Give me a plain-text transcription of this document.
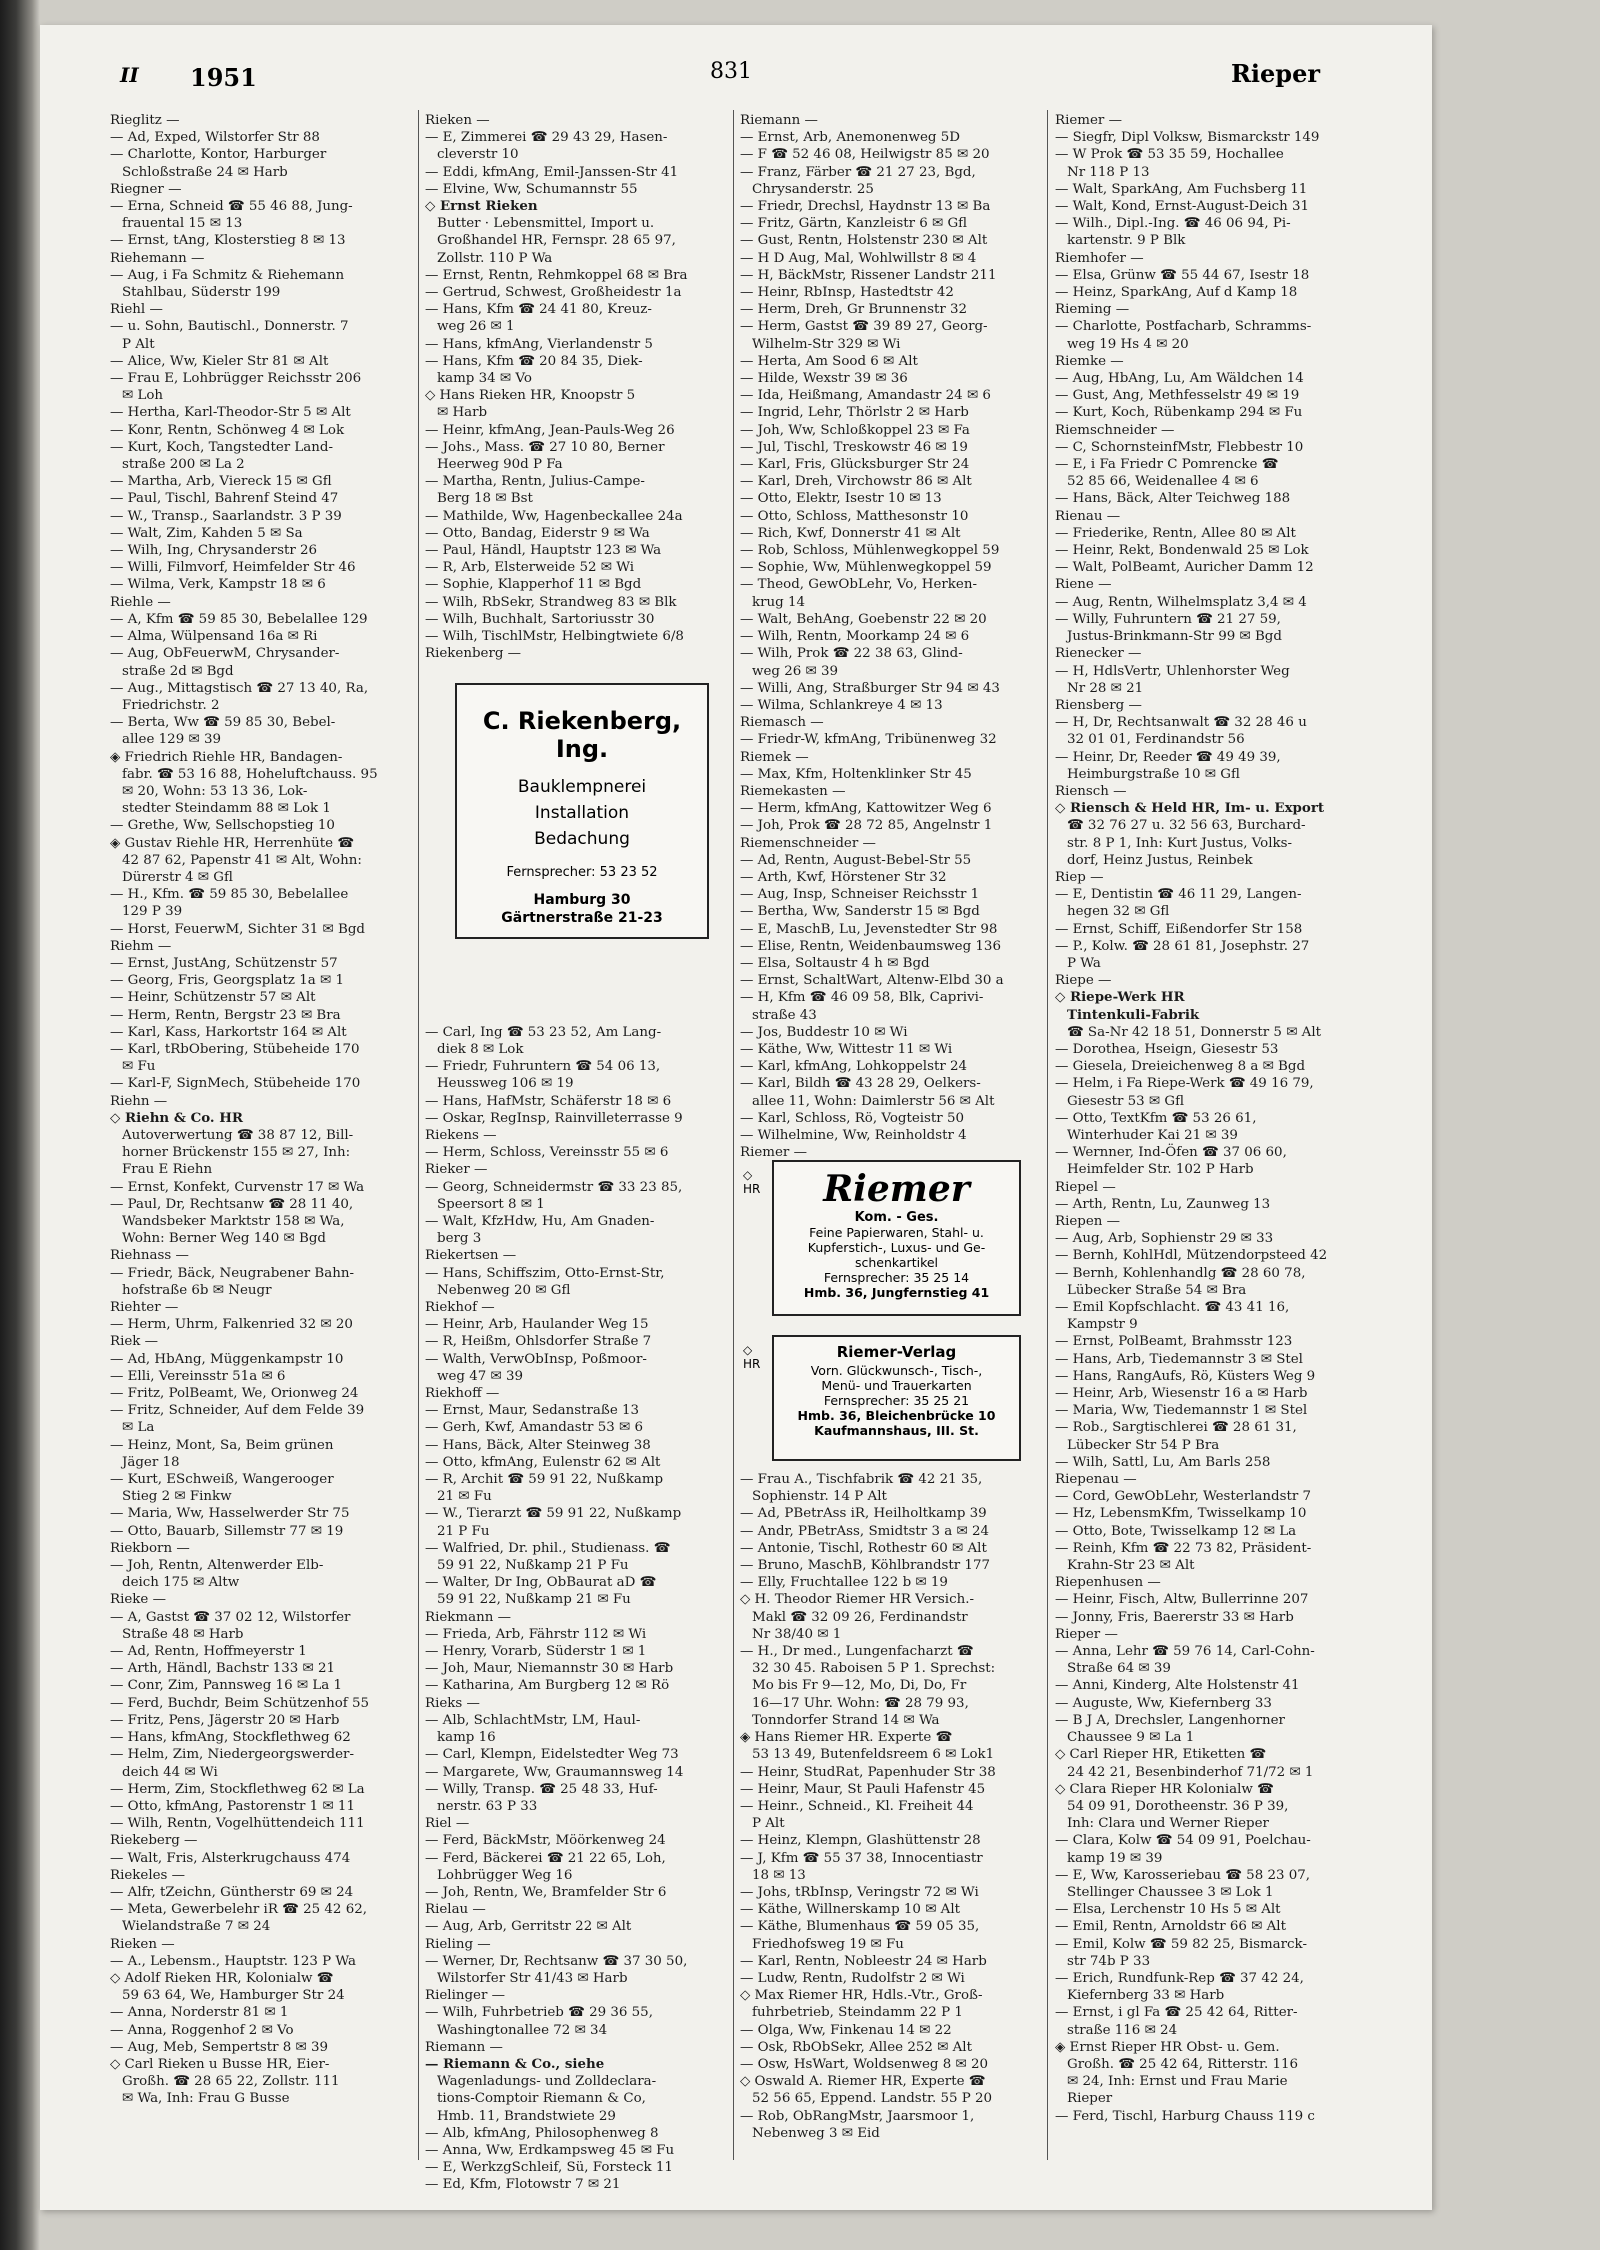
II 1951	831	Rieper
Rieglitz —
— Ad, Exped, Wilstorfer Str 88
— Charlotte, Kontor, Harburger
Schloßstraße 24 ✉ Harb
Riegner —
— Erna, Schneid ☎ 55 46 88, Jung-
frauental 15 ✉ 13
— Ernst, tAng, Klosterstieg 8 ✉ 13
Riehemann —
— Aug, i Fa Schmitz & Riehemann
Stahlbau, Süderstr 199
Riehl —
— u. Sohn, Bautischl., Donnerstr. 7
P Alt
— Alice, Ww, Kieler Str 81 ✉ Alt
— Frau E, Lohbrügger Reichsstr 206
✉ Loh
— Hertha, Karl-Theodor-Str 5 ✉ Alt
— Konr, Rentn, Schönweg 4 ✉ Lok
— Kurt, Koch, Tangstedter Land-
straße 200 ✉ La 2
— Martha, Arb, Viereck 15 ✉ Gfl
— Paul, Tischl, Bahrenf Steind 47
— W., Transp., Saarlandstr. 3 P 39
— Walt, Zim, Kahden 5 ✉ Sa
— Wilh, Ing, Chrysanderstr 26
— Willi, Filmvorf, Heimfelder Str 46
— Wilma, Verk, Kampstr 18 ✉ 6
Riehle —
— A, Kfm ☎ 59 85 30, Bebelallee 129
— Alma, Wülpensand 16a ✉ Ri
— Aug, ObFeuerwM, Chrysander-
straße 2d ✉ Bgd
— Aug., Mittagstisch ☎ 27 13 40, Ra,
Friedrichstr. 2
— Berta, Ww ☎ 59 85 30, Bebel-
allee 129 ✉ 39
◈ Friedrich Riehle HR, Bandagen-
fabr. ☎ 53 16 88, Hoheluftchauss. 95
✉ 20, Wohn: 53 13 36, Lok-
stedter Steindamm 88 ✉ Lok 1
— Grethe, Ww, Sellschopstieg 10
◈ Gustav Riehle HR, Herrenhüte ☎
42 87 62, Papenstr 41 ✉ Alt, Wohn:
Dürerstr 4 ✉ Gfl
— H., Kfm. ☎ 59 85 30, Bebelallee
129 P 39
— Horst, FeuerwM, Sichter 31 ✉ Bgd
Riehm —
— Ernst, JustAng, Schützenstr 57
— Georg, Fris, Georgsplatz 1a ✉ 1
— Heinr, Schützenstr 57 ✉ Alt
— Herm, Rentn, Bergstr 23 ✉ Bra
— Karl, Kass, Harkortstr 164 ✉ Alt
— Karl, tRbObering, Stübeheide 170
✉ Fu
— Karl-F, SignMech, Stübeheide 170
Riehn —
◇ Riehn & Co. HR
Autoverwertung ☎ 38 87 12, Bill-
horner Brückenstr 155 ✉ 27, Inh:
Frau E Riehn
— Ernst, Konfekt, Curvenstr 17 ✉ Wa
— Paul, Dr, Rechtsanw ☎ 28 11 40,
Wandsbeker Marktstr 158 ✉ Wa,
Wohn: Berner Weg 140 ✉ Bgd
Riehnass —
— Friedr, Bäck, Neugrabener Bahn-
hofstraße 6b ✉ Neugr
Riehter —
— Herm, Uhrm, Falkenried 32 ✉ 20
Riek —
— Ad, HbAng, Müggenkampstr 10
— Elli, Vereinsstr 51a ✉ 6
— Fritz, PolBeamt, We, Orionweg 24
— Fritz, Schneider, Auf dem Felde 39
✉ La
— Heinz, Mont, Sa, Beim grünen
Jäger 18
— Kurt, ESchweiß, Wangerooger
Stieg 2 ✉ Finkw
— Maria, Ww, Hasselwerder Str 75
— Otto, Bauarb, Sillemstr 77 ✉ 19
Riekborn —
— Joh, Rentn, Altenwerder Elb-
deich 175 ✉ Altw
Rieke —
— A, Gastst ☎ 37 02 12, Wilstorfer
Straße 48 ✉ Harb
— Ad, Rentn, Hoffmeyerstr 1
— Arth, Händl, Bachstr 133 ✉ 21
— Conr, Zim, Pannsweg 16 ✉ La 1
— Ferd, Buchdr, Beim Schützenhof 55
— Fritz, Pens, Jägerstr 20 ✉ Harb
— Hans, kfmAng, Stockflethweg 62
— Helm, Zim, Niedergeorgswerder-
deich 44 ✉ Wi
— Herm, Zim, Stockflethweg 62 ✉ La
— Otto, kfmAng, Pastorenstr 1 ✉ 11
— Wilh, Rentn, Vogelhüttendeich 111
Riekeberg —
— Walt, Fris, Alsterkrugchauss 474
Riekeles —
— Alfr, tZeichn, Güntherstr 69 ✉ 24
— Meta, Gewerbelehr iR ☎ 25 42 62,
Wielandstraße 7 ✉ 24
Rieken —
— A., Lebensm., Hauptstr. 123 P Wa
◇ Adolf Rieken HR, Kolonialw ☎
59 63 64, We, Hamburger Str 24
— Anna, Norderstr 81 ✉ 1
— Anna, Roggenhof 2 ✉ Vo
— Aug, Meb, Sempertstr 8 ✉ 39
◇ Carl Rieken u Busse HR, Eier-
Großh. ☎ 28 65 22, Zollstr. 111
✉ Wa, Inh: Frau G Busse
Rieken —
— E, Zimmerei ☎ 29 43 29, Hasen-
cleverstr 10
— Eddi, kfmAng, Emil-Janssen-Str 41
— Elvine, Ww, Schumannstr 55
◇ Ernst Rieken
Butter · Lebensmittel, Import u.
Großhandel HR, Fernspr. 28 65 97,
Zollstr. 110 P Wa
— Ernst, Rentn, Rehmkoppel 68 ✉ Bra
— Gertrud, Schwest, Großheidestr 1a
— Hans, Kfm ☎ 24 41 80, Kreuz-
weg 26 ✉ 1
— Hans, kfmAng, Vierlandenstr 5
— Hans, Kfm ☎ 20 84 35, Diek-
kamp 34 ✉ Vo
◇ Hans Rieken HR, Knoopstr 5
✉ Harb
— Heinr, kfmAng, Jean-Pauls-Weg 26
— Johs., Mass. ☎ 27 10 80, Berner
Heerweg 90d P Fa
— Martha, Rentn, Julius-Campe-
Berg 18 ✉ Bst
— Mathilde, Ww, Hagenbeckallee 24a
— Otto, Bandag, Eiderstr 9 ✉ Wa
— Paul, Händl, Hauptstr 123 ✉ Wa
— R, Arb, Elsterweide 52 ✉ Wi
— Sophie, Klapperhof 11 ✉ Bgd
— Wilh, RbSekr, Strandweg 83 ✉ Blk
— Wilh, Buchhalt, Sartoriusstr 30
— Wilh, TischlMstr, Helbingtwiete 6/8
Riekenberg —

— Carl, Ing ☎ 53 23 52, Am Lang-
diek 8 ✉ Lok
— Friedr, Fuhruntern ☎ 54 06 13,
Heussweg 106 ✉ 19
— Hans, HafMstr, Schäferstr 18 ✉ 6
— Oskar, RegInsp, Rainvilleterrasse 9
Riekens —
— Herm, Schloss, Vereinsstr 55 ✉ 6
Rieker —
— Georg, Schneidermstr ☎ 33 23 85,
Speersort 8 ✉ 1
— Walt, KfzHdw, Hu, Am Gnaden-
berg 3
Riekertsen —
— Hans, Schiffszim, Otto-Ernst-Str,
Nebenweg 20 ✉ Gfl
Riekhof —
— Heinr, Arb, Haulander Weg 15
— R, Heißm, Ohlsdorfer Straße 7
— Walth, VerwObInsp, Poßmoor-
weg 47 ✉ 39
Riekhoff —
— Ernst, Maur, Sedanstraße 13
— Gerh, Kwf, Amandastr 53 ✉ 6
— Hans, Bäck, Alter Steinweg 38
— Otto, kfmAng, Eulenstr 62 ✉ Alt
— R, Archit ☎ 59 91 22, Nußkamp
21 ✉ Fu
— W., Tierarzt ☎ 59 91 22, Nußkamp
21 P Fu
— Walfried, Dr. phil., Studienass. ☎
59 91 22, Nußkamp 21 P Fu
— Walter, Dr Ing, ObBaurat aD ☎
59 91 22, Nußkamp 21 ✉ Fu
Riekmann —
— Frieda, Arb, Fährstr 112 ✉ Wi
— Henry, Vorarb, Süderstr 1 ✉ 1
— Joh, Maur, Niemannstr 30 ✉ Harb
— Katharina, Am Burgberg 12 ✉ Rö
Rieks —
— Alb, SchlachtMstr, LM, Haul-
kamp 16
— Carl, Klempn, Eidelstedter Weg 73
— Margarete, Ww, Graumannsweg 14
— Willy, Transp. ☎ 25 48 33, Huf-
nerstr. 63 P 33
Riel —
— Ferd, BäckMstr, Möörkenweg 24
— Ferd, Bäckerei ☎ 21 22 65, Loh,
Lohbrügger Weg 16
— Joh, Rentn, We, Bramfelder Str 6
Rielau —
— Aug, Arb, Gerritstr 22 ✉ Alt
Rieling —
— Werner, Dr, Rechtsanw ☎ 37 30 50,
Wilstorfer Str 41/43 ✉ Harb
Rielinger —
— Wilh, Fuhrbetrieb ☎ 29 36 55,
Washingtonallee 72 ✉ 34
Riemann —
— Riemann & Co., siehe
Wagenladungs- und Zolldeclara-
tions-Comptoir Riemann & Co,
Hmb. 11, Brandstwiete 29
— Alb, kfmAng, Philosophenweg 8
— Anna, Ww, Erdkampsweg 45 ✉ Fu
— E, WerkzgSchleif, Sü, Forsteck 11
— Ed, Kfm, Flotowstr 7 ✉ 21
Riemann —
— Ernst, Arb, Anemonenweg 5D
— F ☎ 52 46 08, Heilwigstr 85 ✉ 20
— Franz, Färber ☎ 21 27 23, Bgd,
Chrysanderstr. 25
— Friedr, Drechsl, Haydnstr 13 ✉ Ba
— Fritz, Gärtn, Kanzleistr 6 ✉ Gfl
— Gust, Rentn, Holstenstr 230 ✉ Alt
— H D Aug, Mal, Wohlwillstr 8 ✉ 4
— H, BäckMstr, Rissener Landstr 211
— Heinr, RbInsp, Hastedtstr 42
— Herm, Dreh, Gr Brunnenstr 32
— Herm, Gastst ☎ 39 89 27, Georg-
Wilhelm-Str 329 ✉ Wi
— Herta, Am Sood 6 ✉ Alt
— Hilde, Wexstr 39 ✉ 36
— Ida, Heißmang, Amandastr 24 ✉ 6
— Ingrid, Lehr, Thörlstr 2 ✉ Harb
— Joh, Ww, Schloßkoppel 23 ✉ Fa
— Jul, Tischl, Treskowstr 46 ✉ 19
— Karl, Fris, Glücksburger Str 24
— Karl, Dreh, Virchowstr 86 ✉ Alt
— Otto, Elektr, Isestr 10 ✉ 13
— Otto, Schloss, Matthesonstr 10
— Rich, Kwf, Donnerstr 41 ✉ Alt
— Rob, Schloss, Mühlenwegkoppel 59
— Sophie, Ww, Mühlenwegkoppel 59
— Theod, GewObLehr, Vo, Herken-
krug 14
— Walt, BehAng, Goebenstr 22 ✉ 20
— Wilh, Rentn, Moorkamp 24 ✉ 6
— Wilh, Prok ☎ 22 38 63, Glind-
weg 26 ✉ 39
— Willi, Ang, Straßburger Str 94 ✉ 43
— Wilma, Schlankreye 4 ✉ 13
Riemasch —
— Friedr-W, kfmAng, Tribünenweg 32
Riemek —
— Max, Kfm, Holtenklinker Str 45
Riemekasten —
— Herm, kfmAng, Kattowitzer Weg 6
— Joh, Prok ☎ 28 72 85, Angelnstr 1
Riemenschneider —
— Ad, Rentn, August-Bebel-Str 55
— Arth, Kwf, Hörstener Str 32
— Aug, Insp, Schneiser Reichsstr 1
— Bertha, Ww, Sanderstr 15 ✉ Bgd
— E, MaschB, Lu, Jevenstedter Str 98
— Elise, Rentn, Weidenbaumsweg 136
— Elsa, Soltaustr 4 h ✉ Bgd
— Ernst, SchaltWart, Altenw-Elbd 30 a
— H, Kfm ☎ 46 09 58, Blk, Caprivi-
straße 43
— Jos, Buddestr 10 ✉ Wi
— Käthe, Ww, Wittestr 11 ✉ Wi
— Karl, kfmAng, Lohkoppelstr 24
— Karl, Bildh ☎ 43 28 29, Oelkers-
allee 11, Wohn: Daimlerstr 56 ✉ Alt
— Karl, Schloss, Rö, Vogteistr 50
— Wilhelmine, Ww, Reinholdstr 4
Riemer —

— Frau A., Tischfabrik ☎ 42 21 35,
Sophienstr. 14 P Alt
— Ad, PBetrAss iR, Heilholtkamp 39
— Andr, PBetrAss, Smidtstr 3 a ✉ 24
— Antonie, Tischl, Rothestr 60 ✉ Alt
— Bruno, MaschB, Köhlbrandstr 177
— Elly, Fruchtallee 122 b ✉ 19
◇ H. Theodor Riemer HR Versich.-
Makl ☎ 32 09 26, Ferdinandstr
Nr 38/40 ✉ 1
— H., Dr med., Lungenfacharzt ☎
32 30 45. Raboisen 5 P 1. Sprechst:
Mo bis Fr 9—12, Mo, Di, Do, Fr
16—17 Uhr. Wohn: ☎ 28 79 93,
Tonndorfer Strand 14 ✉ Wa
◈ Hans Riemer HR. Experte ☎
53 13 49, Butenfeldsreem 6 ✉ Lok1
— Heinr, StudRat, Papenhuder Str 38
— Heinr, Maur, St Pauli Hafenstr 45
— Heinr., Schneid., Kl. Freiheit 44
P Alt
— Heinz, Klempn, Glashüttenstr 28
— J, Kfm ☎ 55 37 38, Innocentiastr
18 ✉ 13
— Johs, tRbInsp, Veringstr 72 ✉ Wi
— Käthe, Willnerskamp 10 ✉ Alt
— Käthe, Blumenhaus ☎ 59 05 35,
Friedhofsweg 19 ✉ Fu
— Karl, Rentn, Nobleestr 24 ✉ Harb
— Ludw, Rentn, Rudolfstr 2 ✉ Wi
◇ Max Riemer HR, Hdls.-Vtr., Groß-
fuhrbetrieb, Steindamm 22 P 1
— Olga, Ww, Finkenau 14 ✉ 22
— Osk, RbObSekr, Allee 252 ✉ Alt
— Osw, HsWart, Woldsenweg 8 ✉ 20
◇ Oswald A. Riemer HR, Experte ☎
52 56 65, Eppend. Landstr. 55 P 20
— Rob, ObRangMstr, Jaarsmoor 1,
Nebenweg 3 ✉ Eid
Riemer —
— Siegfr, Dipl Volksw, Bismarckstr 149
— W Prok ☎ 53 35 59, Hochallee
Nr 118 P 13
— Walt, SparkAng, Am Fuchsberg 11
— Walt, Kond, Ernst-August-Deich 31
— Wilh., Dipl.-Ing. ☎ 46 06 94, Pi-
kartenstr. 9 P Blk
Riemhofer —
— Elsa, Grünw ☎ 55 44 67, Isestr 18
— Heinz, SparkAng, Auf d Kamp 18
Rieming —
— Charlotte, Postfacharb, Schramms-
weg 19 Hs 4 ✉ 20
Riemke —
— Aug, HbAng, Lu, Am Wäldchen 14
— Gust, Ang, Methfesselstr 49 ✉ 19
— Kurt, Koch, Rübenkamp 294 ✉ Fu
Riemschneider —
— C, SchornsteinfMstr, Flebbestr 10
— E, i Fa Friedr C Pomrencke ☎
52 85 66, Weidenallee 4 ✉ 6
— Hans, Bäck, Alter Teichweg 188
Rienau —
— Friederike, Rentn, Allee 80 ✉ Alt
— Heinr, Rekt, Bondenwald 25 ✉ Lok
— Walt, PolBeamt, Auricher Damm 12
Riene —
— Aug, Rentn, Wilhelmsplatz 3,4 ✉ 4
— Willy, Fuhruntern ☎ 21 27 59,
Justus-Brinkmann-Str 99 ✉ Bgd
Rienecker —
— H, HdlsVertr, Uhlenhorster Weg
Nr 28 ✉ 21
Riensberg —
— H, Dr, Rechtsanwalt ☎ 32 28 46 u
32 01 01, Ferdinandstr 56
— Heinr, Dr, Reeder ☎ 49 49 39,
Heimburgstraße 10 ✉ Gfl
Riensch —
◇ Riensch & Held HR, Im- u. Export
☎ 32 76 27 u. 32 56 63, Burchard-
str. 8 P 1, Inh: Kurt Justus, Volks-
dorf, Heinz Justus, Reinbek
Riep —
— E, Dentistin ☎ 46 11 29, Langen-
hegen 32 ✉ Gfl
— Ernst, Schiff, Eißendorfer Str 158
— P., Kolw. ☎ 28 61 81, Josephstr. 27
P Wa
Riepe —
◇ Riepe-Werk HR
Tintenkuli-Fabrik
☎ Sa-Nr 42 18 51, Donnerstr 5 ✉ Alt
— Dorothea, Hseign, Giesestr 53
— Giesela, Dreieichenweg 8 a ✉ Bgd
— Helm, i Fa Riepe-Werk ☎ 49 16 79,
Giesestr 53 ✉ Gfl
— Otto, TextKfm ☎ 53 26 61,
Winterhuder Kai 21 ✉ 39
— Wernner, Ind-Öfen ☎ 37 06 60,
Heimfelder Str. 102 P Harb
Riepel —
— Arth, Rentn, Lu, Zaunweg 13
Riepen —
— Aug, Arb, Sophienstr 29 ✉ 33
— Bernh, KohlHdl, Mützendorpsteed 42
— Bernh, Kohlenhandlg ☎ 28 60 78,
Lübecker Straße 54 ✉ Bra
— Emil Kopfschlacht. ☎ 43 41 16,
Kampstr 9
— Ernst, PolBeamt, Brahmsstr 123
— Hans, Arb, Tiedemannstr 3 ✉ Stel
— Hans, RangAufs, Rö, Küsters Weg 9
— Heinr, Arb, Wiesenstr 16 a ✉ Harb
— Maria, Ww, Tiedemannstr 1 ✉ Stel
— Rob., Sargtischlerei ☎ 28 61 31,
Lübecker Str 54 P Bra
— Wilh, Sattl, Lu, Am Barls 258
Riepenau —
— Cord, GewObLehr, Westerlandstr 7
— Hz, LebensmKfm, Twisselkamp 10
— Otto, Bote, Twisselkamp 12 ✉ La
— Reinh, Kfm ☎ 22 73 82, Präsident-
Krahn-Str 23 ✉ Alt
Riepenhusen —
— Heinr, Fisch, Altw, Bullerrinne 207
— Jonny, Fris, Baererstr 33 ✉ Harb
Rieper —
— Anna, Lehr ☎ 59 76 14, Carl-Cohn-
Straße 64 ✉ 39
— Anni, Kinderg, Alte Holstenstr 41
— Auguste, Ww, Kiefernberg 33
— B J A, Drechsler, Langenhorner
Chaussee 9 ✉ La 1
◇ Carl Rieper HR, Etiketten ☎
24 42 21, Besenbinderhof 71/72 ✉ 1
◇ Clara Rieper HR Kolonialw ☎
54 09 91, Dorotheenstr. 36 P 39,
Inh: Clara und Werner Rieper
— Clara, Kolw ☎ 54 09 91, Poelchau-
kamp 19 ✉ 39
— E, Ww, Karosseriebau ☎ 58 23 07,
Stellinger Chaussee 3 ✉ Lok 1
— Elsa, Lerchenstr 10 Hs 5 ✉ Alt
— Emil, Rentn, Arnoldstr 66 ✉ Alt
— Emil, Kolw ☎ 59 82 25, Bismarck-
str 74b P 33
— Erich, Rundfunk-Rep ☎ 37 42 24,
Kiefernberg 33 ✉ Harb
— Ernst, i gl Fa ☎ 25 42 64, Ritter-
straße 116 ✉ 24
◈ Ernst Rieper HR Obst- u. Gem.
Großh. ☎ 25 42 64, Ritterstr. 116
✉ 24, Inh: Ernst und Frau Marie
Rieper
— Ferd, Tischl, Harburg Chauss 119 c
C. Riekenberg, Ing.
Bauklempnerei
Installation
Bedachung
Fernsprecher: 53 23 52
Hamburg 30
Gärtnerstraße 21-23
Riemer
Kom. - Ges.
Feine Papierwaren, Stahl- u.
Kupferstich-, Luxus- und Ge-
schenkartikel
Fernsprecher: 35 25 14
Hmb. 36, Jungfernstieg 41
◇ HR
Riemer-Verlag
Vorn. Glückwunsch-, Tisch-,
Menü- und Trauerkarten
Fernsprecher: 35 25 21
Hmb. 36, Bleichenbrücke 10
Kaufmannshaus, III. St.
◇ HR
